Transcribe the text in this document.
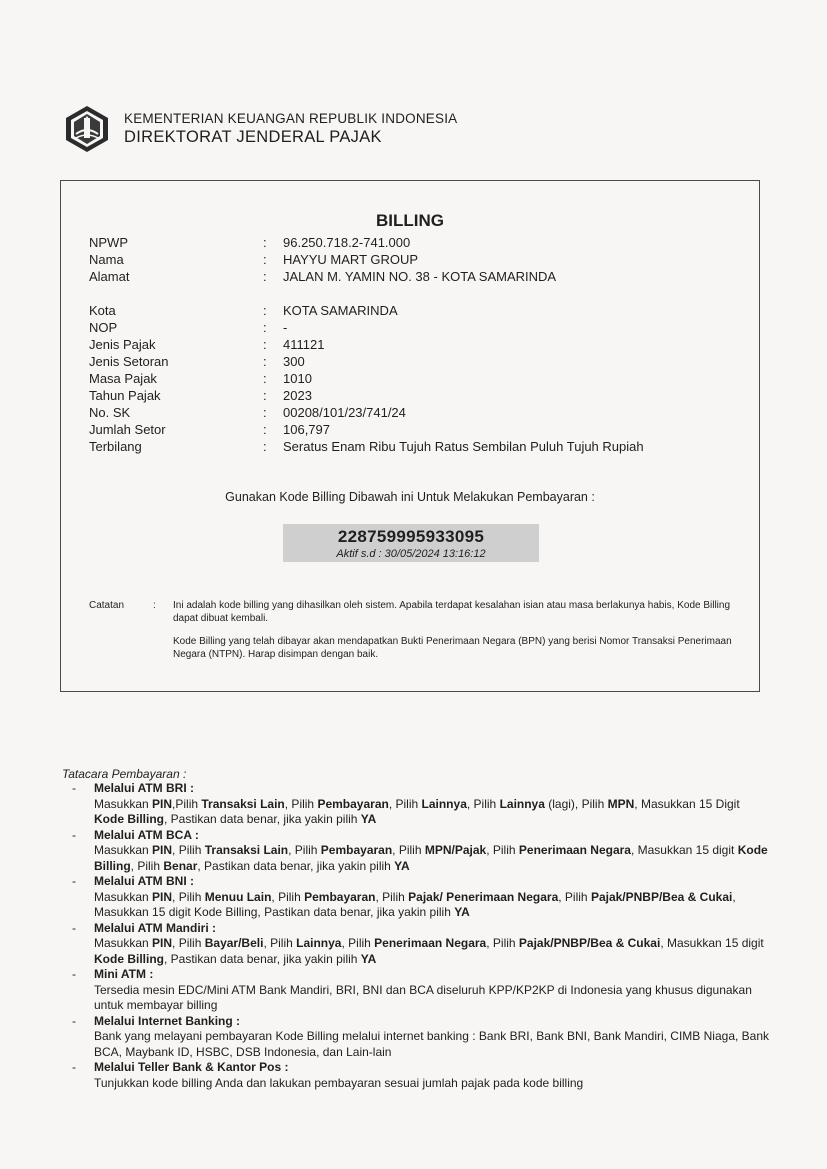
KEMENTERIAN KEUANGAN REPUBLIK INDONESIA
DIREKTORAT JENDERAL PAJAK
BILLING
NPWP	:	96.250.718.2-741.000
Nama	:	HAYYU MART GROUP
Alamat	:	JALAN M. YAMIN NO. 38 - KOTA SAMARINDA
Kota	:	KOTA SAMARINDA
NOP	:	-
Jenis Pajak	:	411121
Jenis Setoran	:	300
Masa Pajak	:	1010
Tahun Pajak	:	2023
No. SK	:	00208/101/23/741/24
Jumlah Setor	:	106,797
Terbilang	:	Seratus Enam Ribu Tujuh Ratus Sembilan Puluh Tujuh Rupiah
Gunakan Kode Billing Dibawah ini Untuk Melakukan Pembayaran :
228759995933095
Aktif s.d : 30/05/2024 13:16:12
Catatan	:	Ini adalah kode billing yang dihasilkan oleh sistem. Apabila terdapat kesalahan isian atau masa berlakunya habis, Kode Billing dapat dibuat kembali.
Kode Billing yang telah dibayar akan mendapatkan Bukti Penerimaan Negara (BPN) yang berisi Nomor Transaksi Penerimaan Negara (NTPN). Harap disimpan dengan baik.
Tatacara Pembayaran :
- Melalui ATM BRI :
Masukkan PIN,Pilih Transaksi Lain, Pilih Pembayaran, Pilih Lainnya, Pilih Lainnya (lagi), Pilih MPN, Masukkan 15 Digit Kode Billing, Pastikan data benar, jika yakin pilih YA
- Melalui ATM BCA :
Masukkan PIN, Pilih Transaksi Lain, Pilih Pembayaran, Pilih MPN/Pajak, Pilih Penerimaan Negara, Masukkan 15 digit Kode Billing, Pilih Benar, Pastikan data benar, jika yakin pilih YA
- Melalui ATM BNI :
Masukkan PIN, Pilih Menuu Lain, Pilih Pembayaran, Pilih Pajak/ Penerimaan Negara, Pilih Pajak/PNBP/Bea & Cukai, Masukkan 15 digit Kode Billing, Pastikan data benar, jika yakin pilih YA
- Melalui ATM Mandiri :
Masukkan PIN, Pilih Bayar/Beli, Pilih Lainnya, Pilih Penerimaan Negara, Pilih Pajak/PNBP/Bea & Cukai, Masukkan 15 digit Kode Billing, Pastikan data benar, jika yakin pilih YA
- Mini ATM :
Tersedia mesin EDC/Mini ATM Bank Mandiri, BRI, BNI dan BCA diseluruh KPP/KP2KP di Indonesia yang khusus digunakan untuk membayar billing
- Melalui Internet Banking :
Bank yang melayani pembayaran Kode Billing melalui internet banking : Bank BRI, Bank BNI, Bank Mandiri, CIMB Niaga, Bank BCA, Maybank ID, HSBC, DSB Indonesia, dan Lain-lain
- Melalui Teller Bank & Kantor Pos :
Tunjukkan kode billing Anda dan lakukan pembayaran sesuai jumlah pajak pada kode billing
